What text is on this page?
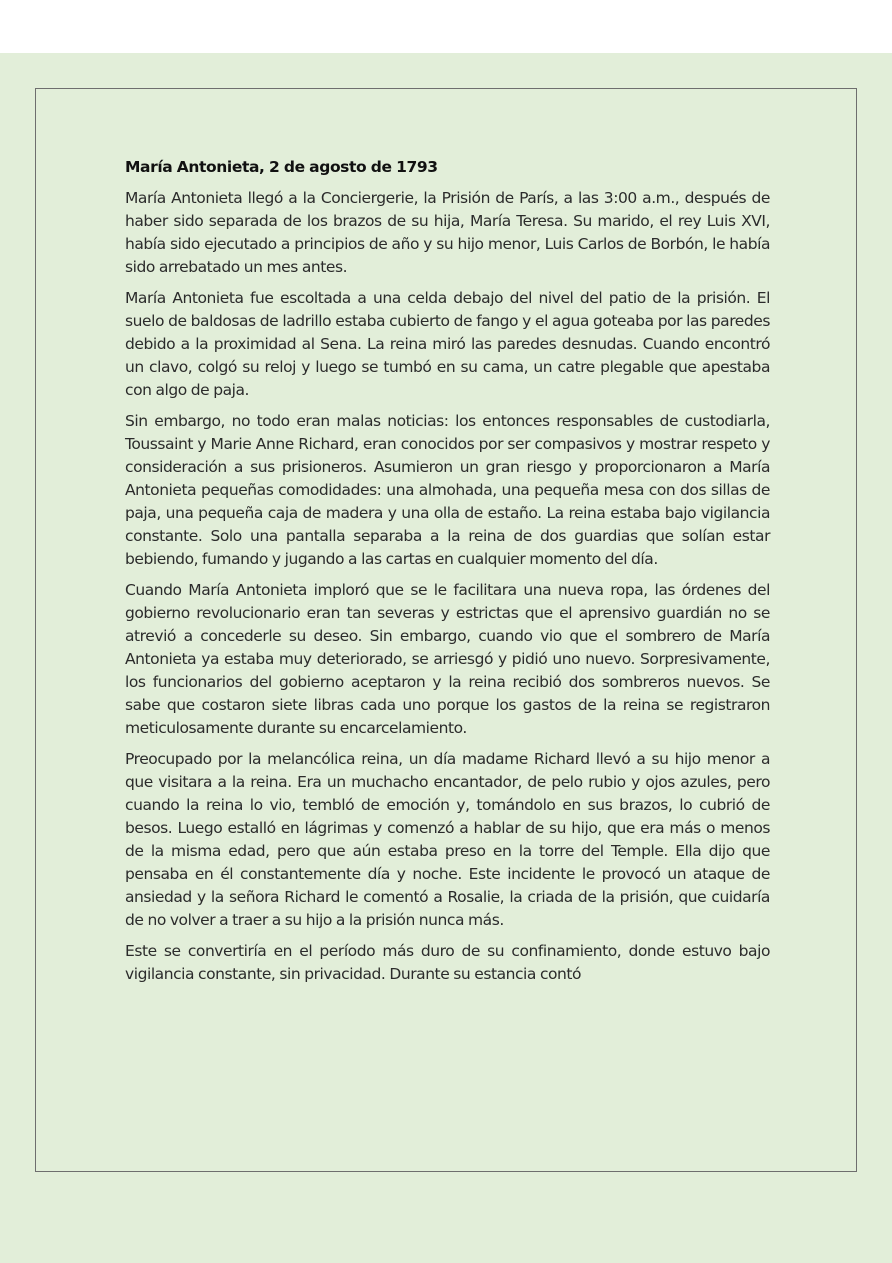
María Antonieta, 2 de agosto de 1793

María Antonieta llegó a la Conciergerie, la Prisión de París, a las 3:00 a.m., después de haber sido separada de los brazos de su hija, María Teresa. Su marido, el rey Luis XVI, había sido ejecutado a principios de año y su hijo menor, Luis Carlos de Borbón, le había sido arrebatado un mes antes.

María Antonieta fue escoltada a una celda debajo del nivel del patio de la prisión. El suelo de baldosas de ladrillo estaba cubierto de fango y el agua goteaba por las paredes debido a la proximidad al Sena. La reina miró las paredes desnudas. Cuando encontró un clavo, colgó su reloj y luego se tumbó en su cama, un catre plegable que apestaba con algo de paja.

Sin embargo, no todo eran malas noticias: los entonces responsables de custodiarla, Toussaint y Marie Anne Richard, eran conocidos por ser compasivos y mostrar respeto y consideración a sus prisioneros. Asumieron un gran riesgo y proporcionaron a María Antonieta pequeñas comodidades: una almohada, una pequeña mesa con dos sillas de paja, una pequeña caja de madera y una olla de estaño. La reina estaba bajo vigilancia constante. Solo una pantalla separaba a la reina de dos guardias que solían estar bebiendo, fumando y jugando a las cartas en cualquier momento del día.

Cuando María Antonieta imploró que se le facilitara una nueva ropa, las órdenes del gobierno revolucionario eran tan severas y estrictas que el aprensivo guardián no se atrevió a concederle su deseo. Sin embargo, cuando vio que el sombrero de María Antonieta ya estaba muy deteriorado, se arriesgó y pidió uno nuevo. Sorpresivamente, los funcionarios del gobierno aceptaron y la reina recibió dos sombreros nuevos. Se sabe que costaron siete libras cada uno porque los gastos de la reina se registraron meticulosamente durante su encarcelamiento.

Preocupado por la melancólica reina, un día madame Richard llevó a su hijo menor a que visitara a la reina. Era un muchacho encantador, de pelo rubio y ojos azules, pero cuando la reina lo vio, tembló de emoción y, tomándolo en sus brazos, lo cubrió de besos. Luego estalló en lágrimas y comenzó a hablar de su hijo, que era más o menos de la misma edad, pero que aún estaba preso en la torre del Temple. Ella dijo que pensaba en él constantemente día y noche. Este incidente le provocó un ataque de ansiedad y la señora Richard le comentó a Rosalie, la criada de la prisión, que cuidaría de no volver a traer a su hijo a la prisión nunca más.

Este se convertiría en el período más duro de su confinamiento, donde estuvo bajo vigilancia constante, sin privacidad. Durante su estancia contó
